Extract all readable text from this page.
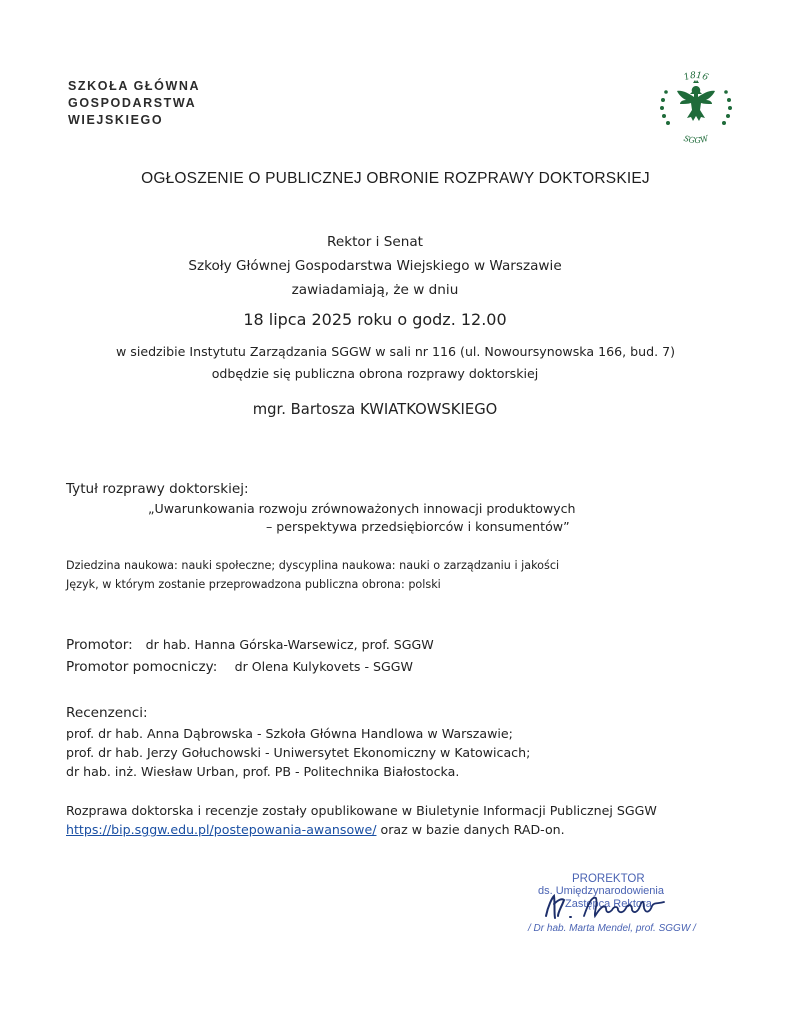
SZKOŁA GŁÓWNA
GOSPODARSTWA
WIEJSKIEGO
1816
SGGW
OGŁOSZENIE O PUBLICZNEJ OBRONIE ROZPRAWY DOKTORSKIEJ
Rektor i Senat
Szkoły Głównej Gospodarstwa Wiejskiego w Warszawie
zawiadamiają, że w dniu
18 lipca 2025 roku o godz. 12.00
w siedzibie Instytutu Zarządzania SGGW w sali nr 116 (ul. Nowoursynowska 166, bud. 7)
odbędzie się publiczna obrona rozprawy doktorskiej
mgr. Bartosza KWIATKOWSKIEGO
Tytuł rozprawy doktorskiej:
„Uwarunkowania rozwoju zrównoważonych innowacji produktowych
– perspektywa przedsiębiorców i konsumentów”
Dziedzina naukowa: nauki społeczne; dyscyplina naukowa: nauki o zarządzaniu i jakości
Język, w którym zostanie przeprowadzona publiczna obrona: polski
Promotor: dr hab. Hanna Górska-Warsewicz, prof. SGGW
Promotor pomocniczy: dr Olena Kulykovets - SGGW
Recenzenci:
prof. dr hab. Anna Dąbrowska - Szkoła Główna Handlowa w Warszawie;
prof. dr hab. Jerzy Gołuchowski - Uniwersytet Ekonomiczny w Katowicach;
dr hab. inż. Wiesław Urban, prof. PB - Politechnika Białostocka.
Rozprawa doktorska i recenzje zostały opublikowane w Biuletynie Informacji Publicznej SGGW
https://bip.sggw.edu.pl/postepowania-awansowe/ oraz w bazie danych RAD-on.
PROREKTOR
ds. Umiędzynarodowienia
Zastępca Rektora
/ Dr hab. Marta Mendel, prof. SGGW /
